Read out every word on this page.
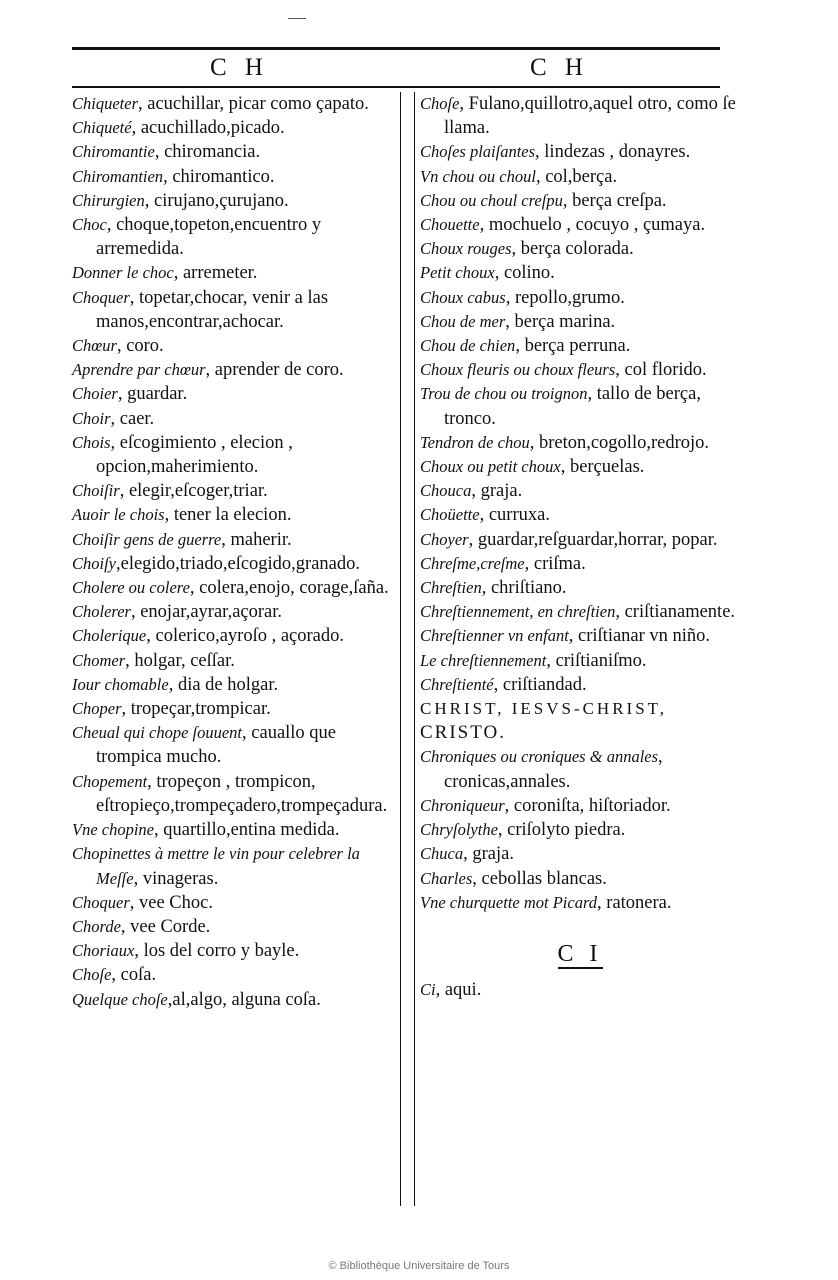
C H	C H
Chiqueter, acuchillar, picar como çapato.
Chiqueté, acuchillado,picado.
Chiromantie, chiromancia.
Chiromantien, chiromantico.
Chirurgien, cirujano,çurujano.
Choc, choque,topeton,encuentro y arremedida.
Donner le choc, arremeter.
Choquer, topetar,chocar, venir a las manos,encontrar,achocar.
Chœur, coro.
Aprendre par chœur, aprender de coro.
Choier, guardar.
Choir, caer.
Chois, eſcogimiento , elecion , opcion,maherimiento.
Choiſir, elegir,eſcoger,triar.
Auoir le chois, tener la elecion.
Choiſir gens de guerre, maherir.
Choiſy,elegido,triado,eſcogido,granado.
Cholere ou colere, colera,enojo, corage,ſaña.
Cholerer, enojar,ayrar,açorar.
Cholerique, colerico,ayroſo , açorado.
Chomer, holgar, ceſſar.
Iour chomable, dia de holgar.
Choper, tropeçar,trompicar.
Cheual qui chope ſouuent, cauallo que trompica mucho.
Chopement, tropeçon , trompicon, eſtropieço,trompeçadero,trompeçadura.
Vne chopine, quartillo,entina medida.
Chopinettes à mettre le vin pour celebrer la Meſſe, vinageras.
Choquer, vee Choc.
Chorde, vee Corde.
Choriaux, los del corro y bayle.
Choſe, coſa.
Quelque choſe,al,algo, alguna coſa.
Choſe, Fulano,quillotro,aquel otro, como ſe llama.
Choſes plaiſantes, lindezas , donayres.
Vn chou ou choul, col,berça.
Chou ou choul creſpu, berça creſpa.
Chouette, mochuelo , cocuyo , çumaya.
Choux rouges, berça colorada.
Petit choux, colino.
Choux cabus, repollo,grumo.
Chou de mer, berça marina.
Chou de chien, berça perruna.
Choux fleuris ou choux fleurs, col florido.
Trou de chou ou troignon, tallo de berça, tronco.
Tendron de chou, breton,cogollo,redrojo.
Choux ou petit choux, berçuelas.
Chouca, graja.
Choüette, curruxa.
Choyer, guardar,reſguardar,horrar, popar.
Chreſme,creſme, criſma.
Chreſtien, chriſtiano.
Chreſtiennement, en chreſtien, criſtianamente.
Chreſtienner vn enfant, criſtianar vn niño.
Le chreſtiennement, criſtianiſmo.
Chreſtienté, criſtiandad.
CHRIST, IESVS-CHRIST,
CRISTO.
Chroniques ou croniques & annales, cronicas,annales.
Chroniqueur, coroniſta, hiſtoriador.
Chryſolythe, criſolyto piedra.
Chuca, graja.
Charles, cebollas blancas.
Vne churquette mot Picard, ratonera.
C I
Ci, aqui.
© Bibliothèque Universitaire de Tours
